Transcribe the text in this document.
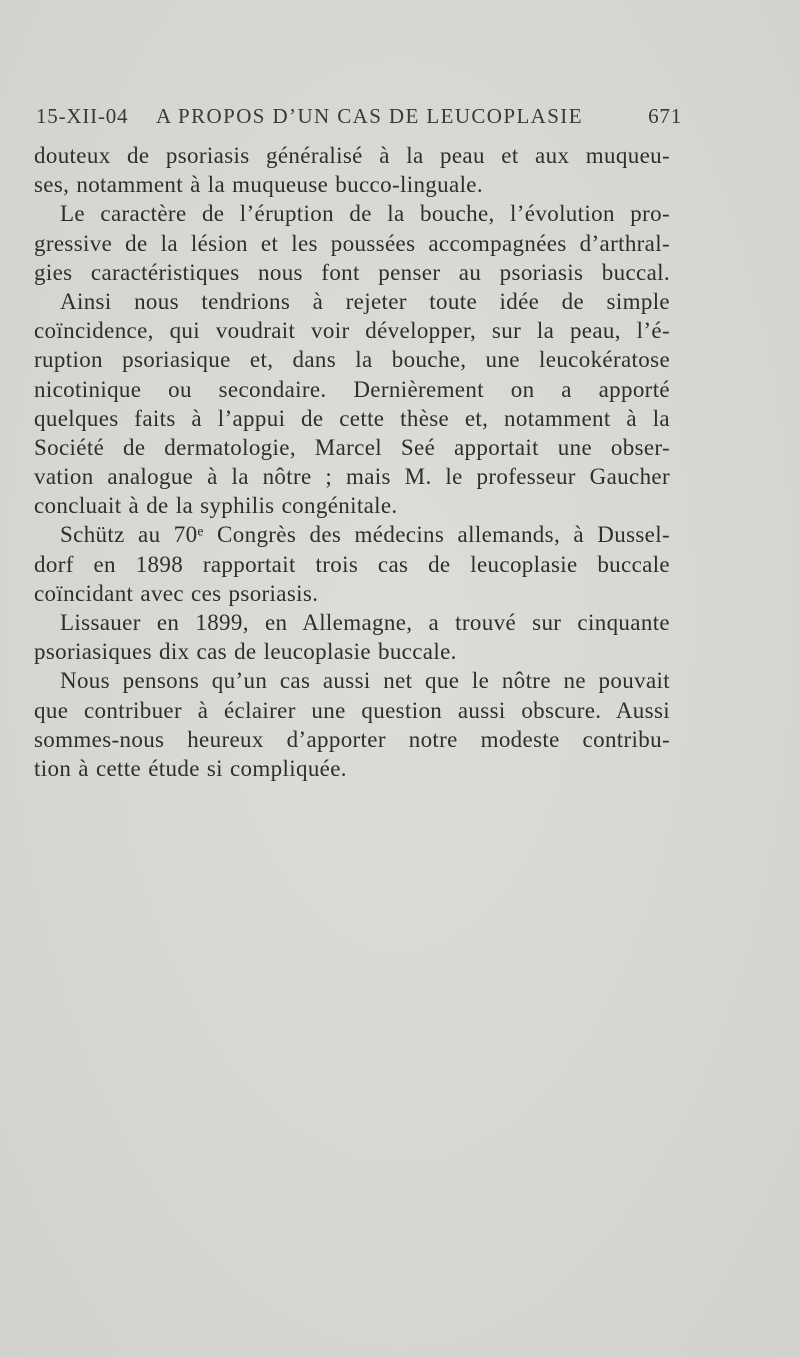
15-XII-04 A PROPOS D’UN CAS DE LEUCOPLASIE	671
douteux de psoriasis généralisé à la peau et aux muqueu-
ses, notamment à la muqueuse bucco-linguale.
Le caractère de l’éruption de la bouche, l’évolution pro-
gressive de la lésion et les poussées accompagnées d’arthral-
gies caractéristiques nous font penser au psoriasis buccal.
Ainsi nous tendrions à rejeter toute idée de simple
coïncidence, qui voudrait voir développer, sur la peau, l’é-
ruption psoriasique et, dans la bouche, une leucokératose
nicotinique ou secondaire. Dernièrement on a apporté
quelques faits à l’appui de cette thèse et, notamment à la
Société de dermatologie, Marcel Seé apportait une obser-
vation analogue à la nôtre ; mais M. le professeur Gaucher
concluait à de la syphilis congénitale.
Schütz au 70ᵉ Congrès des médecins allemands, à Dussel-
dorf en 1898 rapportait trois cas de leucoplasie buccale
coïncidant avec ces psoriasis.
Lissauer en 1899, en Allemagne, a trouvé sur cinquante
psoriasiques dix cas de leucoplasie buccale.
Nous pensons qu’un cas aussi net que le nôtre ne pouvait
que contribuer à éclairer une question aussi obscure. Aussi
sommes-nous heureux d’apporter notre modeste contribu-
tion à cette étude si compliquée.
